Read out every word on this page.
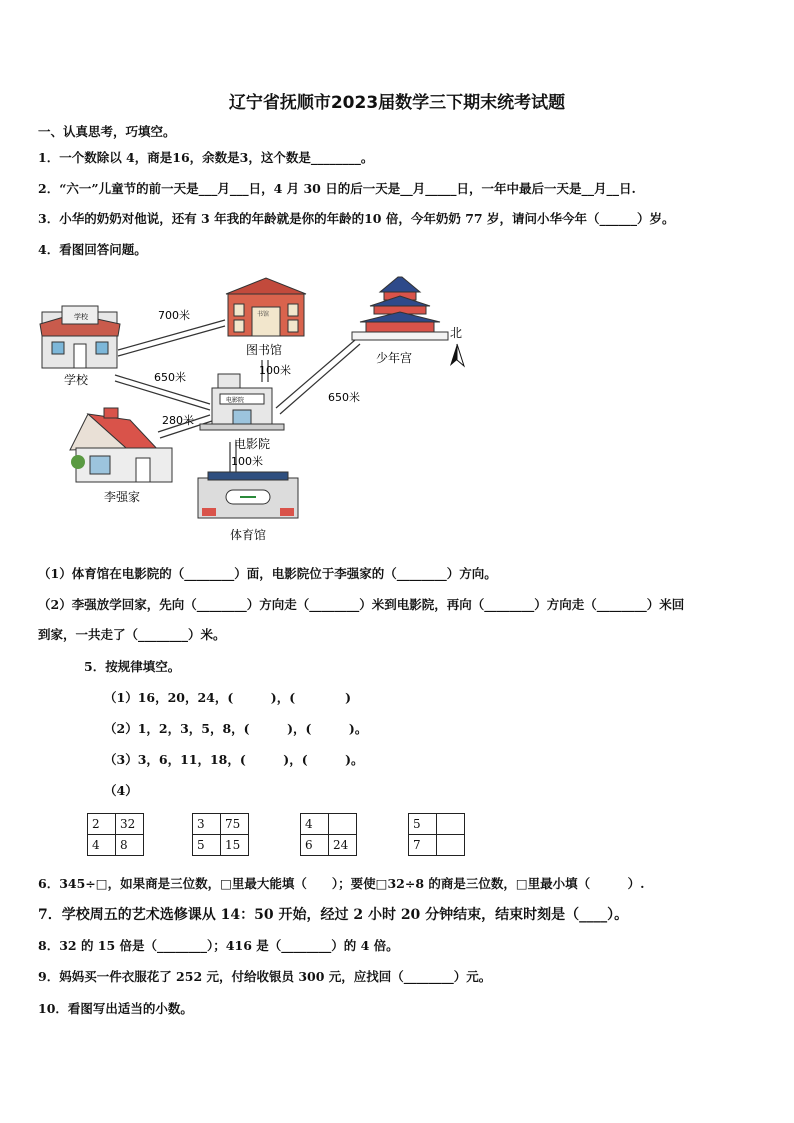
辽宁省抚顺市2023届数学三下期末统考试题
一、认真思考，巧填空。
1．一个数除以 4，商是16，余数是3，这个数是________。
2．“六一”儿童节的前一天是___月___日，4 月 30 日的后一天是__月_____日，一年中最后一天是__月__日.
3．小华的奶奶对他说，还有 3 年我的年龄就是你的年龄的10 倍，今年奶奶 77 岁，请问小华今年（______）岁。
4．看图回答问题。
学校
学校
书馆
图书馆
少年宫
北
电影院
电影院
李强家
体育馆
700米
650米
100米
650米
280米
100米
（1）体育馆在电影院的（________）面，电影院位于李强家的（________）方向。
（2）李强放学回家，先向（________）方向走（________）米到电影院，再向（________）方向走（________）米回
到家，一共走了（________）米。
5．按规律填空。
（1）16，20，24，(　　　)，(　　　　)
（2）1，2，3，5，8，(　　　)，(　　　)。
（3）3，6，11，18，(　　　)，(　　　)。
（4）
2	32
4	8
3	75
5	15
4	
6	24
5	
7	
6．345÷□，如果商是三位数，□里最大能填（　　）；要使□32÷8 的商是三位数，□里最小填（　　　）.
7．学校周五的艺术选修课从 14：50 开始，经过 2 小时 20 分钟结束，结束时刻是（____）。
8．32 的 15 倍是（________）；416 是（________）的 4 倍。
9．妈妈买一件衣服花了 252 元，付给收银员 300 元，应找回（________）元。
10．看图写出适当的小数。
